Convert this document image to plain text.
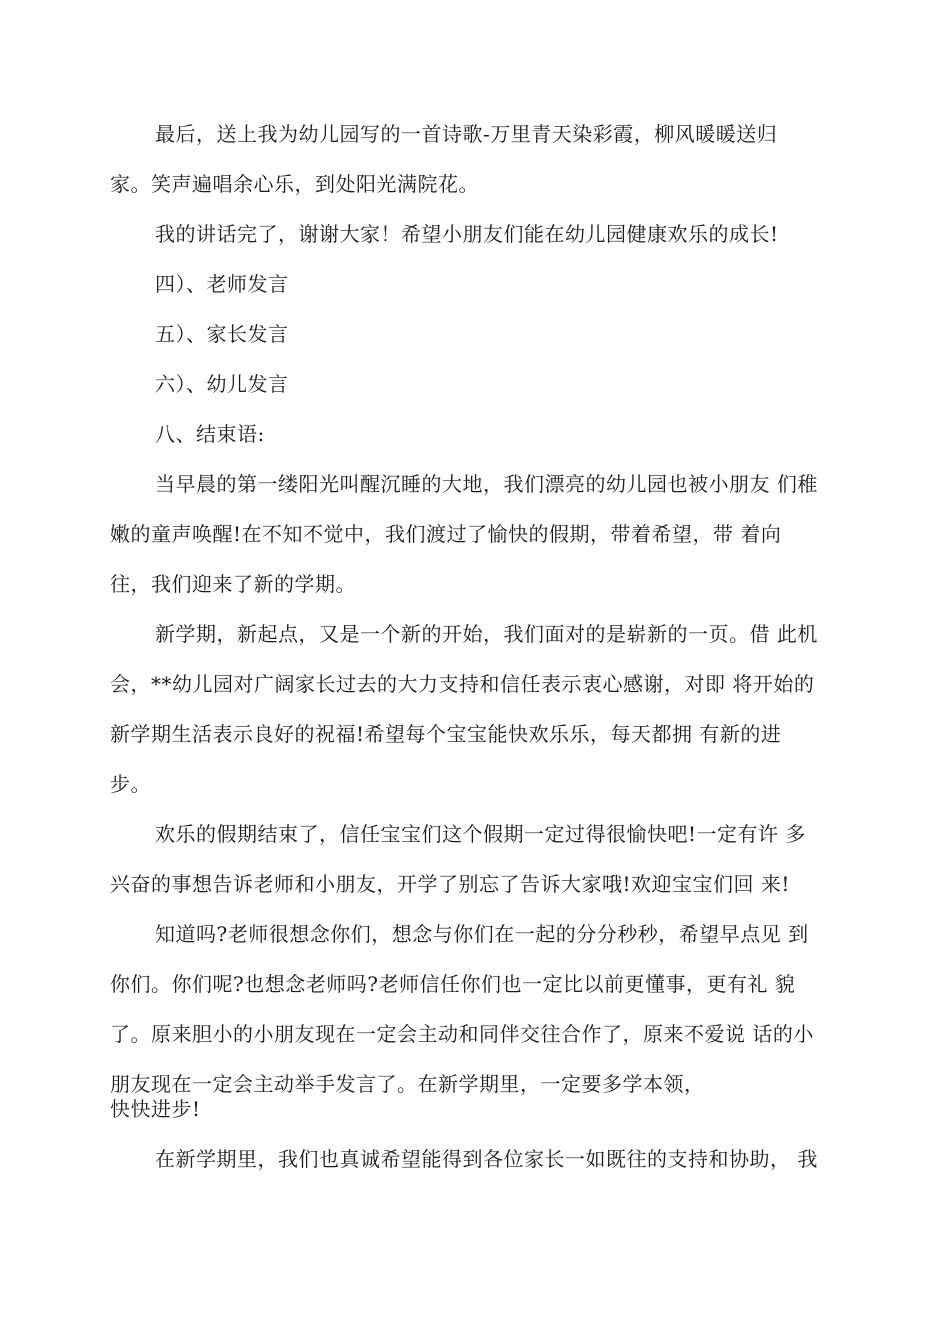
最后，送上我为幼儿园写的一首诗歌-万里青天染彩霞，柳风暖暖送归
家。笑声遍唱余心乐，到处阳光满院花。
我的讲话完了，谢谢大家！希望小朋友们能在幼儿园健康欢乐的成长!
四）、老师发言
五）、家长发言
六）、幼儿发言
八、结束语:
当早晨的第一缕阳光叫醒沉睡的大地，我们漂亮的幼儿园也被小朋友 们稚
嫩的童声唤醒!在不知不觉中，我们渡过了愉快的假期，带着希望，带 着向
往，我们迎来了新的学期。
新学期，新起点，又是一个新的开始，我们面对的是崭新的一页。借 此机
会，**幼儿园对广阔家长过去的大力支持和信任表示衷心感谢，对即 将开始的
新学期生活表示良好的祝福!希望每个宝宝能快欢乐乐，每天都拥 有新的进
步。
欢乐的假期结束了，信任宝宝们这个假期一定过得很愉快吧!一定有许 多
兴奋的事想告诉老师和小朋友，开学了别忘了告诉大家哦!欢迎宝宝们回 来!
知道吗?老师很想念你们，想念与你们在一起的分分秒秒，希望早点见 到
你们。你们呢?也想念老师吗?老师信任你们也一定比以前更懂事，更有礼 貌
了。原来胆小的小朋友现在一定会主动和同伴交往合作了，原来不爱说 话的小
朋友现在一定会主动举手发言了。在新学期里，一定要多学本领，
快快进步!
在新学期里，我们也真诚希望能得到各位家长一如既往的支持和协助， 我
